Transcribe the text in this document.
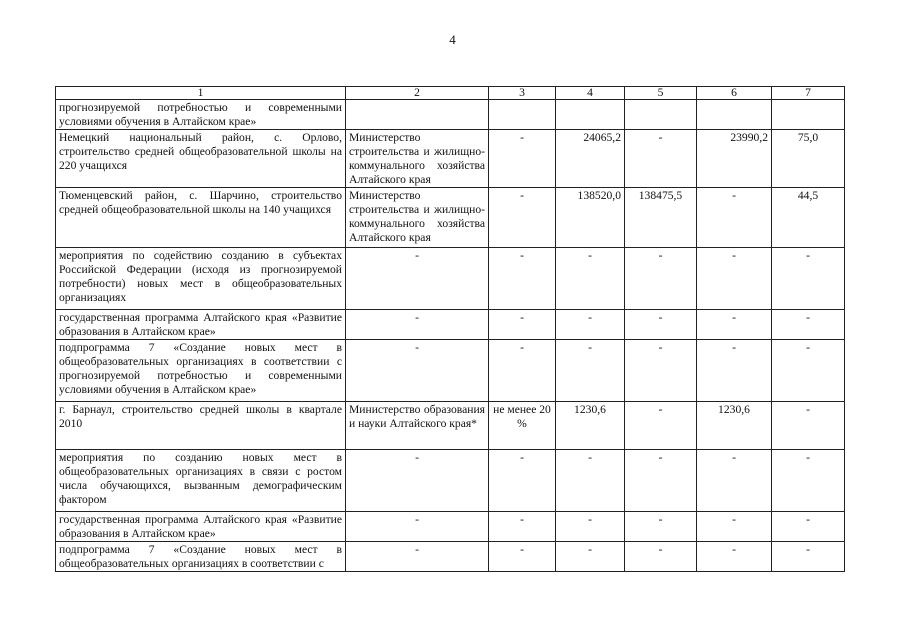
4
1	2	3	4	5	6	7
прогнозируемой потребностью и современными условиями обучения в Алтайском крае»						
Немецкий национальный район, с. Орлово, строительство средней общеобразовательной школы на 220 учащихся	Министерство строительства и жилищно-коммунального хозяйства Алтайского края	-	24065,2	-	23990,2	75,0
Тюменцевский район, с. Шарчино, строительство средней общеобразовательной школы на 140 учащихся	Министерство строительства и жилищно-коммунального хозяйства Алтайского края	-	138520,0	138475,5	-	44,5
мероприятия по содействию созданию в субъектах Российской Федерации (исходя из прогнозируемой потребности) новых мест в общеобразовательных организациях	-	-	-	-	-	-
государственная программа Алтайского края «Развитие образования в Алтайском крае»	-	-	-	-	-	-
подпрограмма 7 «Создание новых мест в общеобразовательных организациях в соответствии с прогнозируемой потребностью и современными условиями обучения в Алтайском крае»	-	-	-	-	-	-
г. Барнаул, строительство средней школы в квартале 2010	Министерство образования и науки Алтайского края*	не менее 20 %	1230,6	-	1230,6	-
мероприятия по созданию новых мест в общеобразовательных организациях в связи с ростом числа обучающихся, вызванным демографическим фактором	-	-	-	-	-	-
государственная программа Алтайского края «Развитие образования в Алтайском крае»	-	-	-	-	-	-
подпрограмма 7 «Создание новых мест в общеобразовательных организациях в соответствии с	-	-	-	-	-	-
